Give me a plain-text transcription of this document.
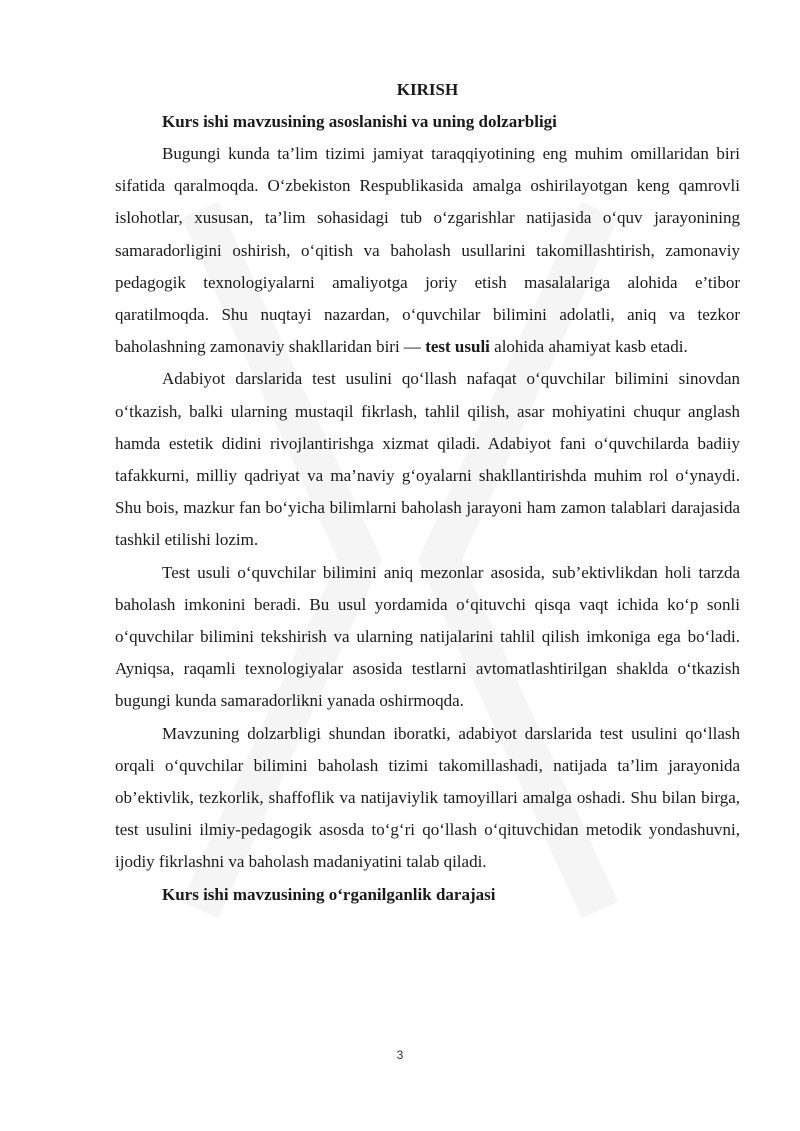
KIRISH

Kurs ishi mavzusining asoslanishi va uning dolzarbligi

Bugungi kunda ta’lim tizimi jamiyat taraqqiyotining eng muhim omillaridan biri sifatida qaralmoqda. O‘zbekiston Respublikasida amalga oshirilayotgan keng qamrovli islohotlar, xususan, ta’lim sohasidagi tub o‘zgarishlar natijasida o‘quv jarayonining samaradorligini oshirish, o‘qitish va baholash usullarini takomillashtirish, zamonaviy pedagogik texnologiyalarni amaliyotga joriy etish masalalariga alohida e’tibor qaratilmoqda. Shu nuqtayi nazardan, o‘quvchilar bilimini adolatli, aniq va tezkor baholashning zamonaviy shakllaridan biri — test usuli alohida ahamiyat kasb etadi.

Adabiyot darslarida test usulini qo‘llash nafaqat o‘quvchilar bilimini sinovdan o‘tkazish, balki ularning mustaqil fikrlash, tahlil qilish, asar mohiyatini chuqur anglash hamda estetik didini rivojlantirishga xizmat qiladi. Adabiyot fani o‘quvchilarda badiiy tafakkurni, milliy qadriyat va ma’naviy g‘oyalarni shakllantirishda muhim rol o‘ynaydi. Shu bois, mazkur fan bo‘yicha bilimlarni baholash jarayoni ham zamon talablari darajasida tashkil etilishi lozim.

Test usuli o‘quvchilar bilimini aniq mezonlar asosida, sub’ektivlikdan holi tarzda baholash imkonini beradi. Bu usul yordamida o‘qituvchi qisqa vaqt ichida ko‘p sonli o‘quvchilar bilimini tekshirish va ularning natijalarini tahlil qilish imkoniga ega bo‘ladi. Ayniqsa, raqamli texnologiyalar asosida testlarni avtomatlashtirilgan shaklda o‘tkazish bugungi kunda samaradorlikni yanada oshirmoqda.

Mavzuning dolzarbligi shundan iboratki, adabiyot darslarida test usulini qo‘llash orqali o‘quvchilar bilimini baholash tizimi takomillashadi, natijada ta’lim jarayonida ob’ektivlik, tezkorlik, shaffoflik va natijaviylik tamoyillari amalga oshadi. Shu bilan birga, test usulini ilmiy-pedagogik asosda to‘g‘ri qo‘llash o‘qituvchidan metodik yondashuvni, ijodiy fikrlashni va baholash madaniyatini talab qiladi.

Kurs ishi mavzusining o‘rganilganlik darajasi

3
